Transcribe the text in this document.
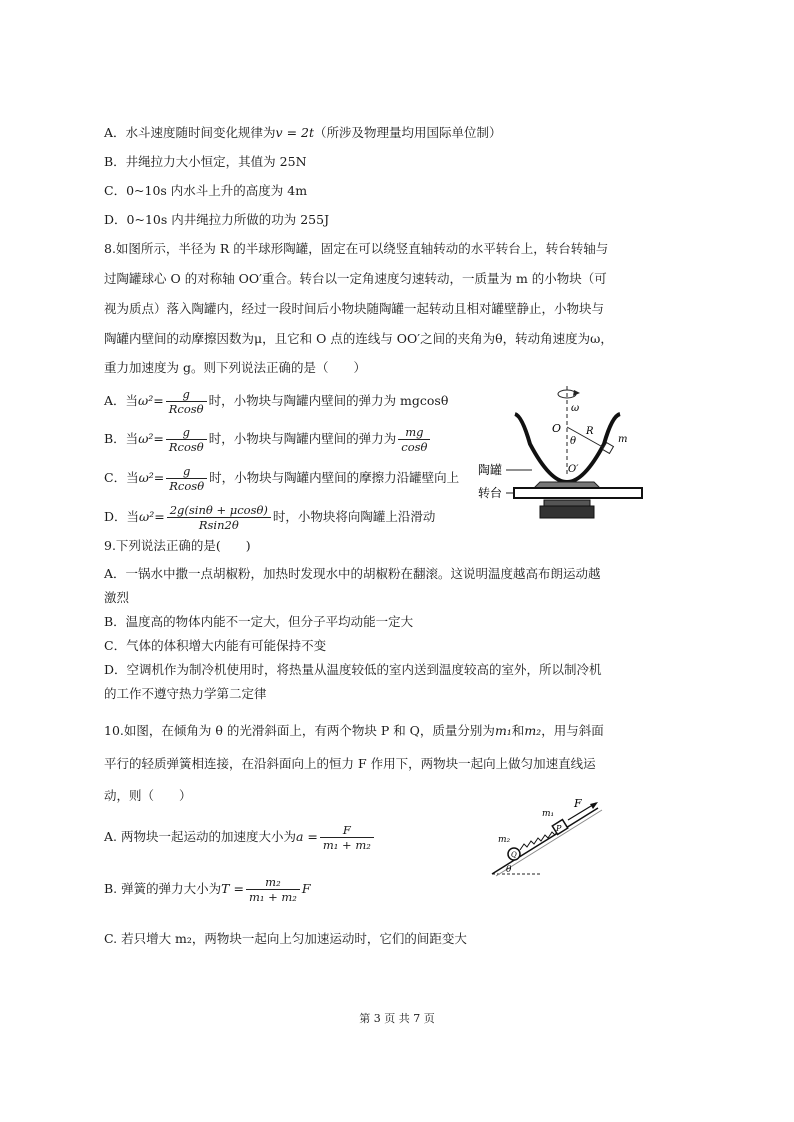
A．水斗速度随时间变化规律为v = 2t（所涉及物理量均用国际单位制）
B．井绳拉力大小恒定，其值为 25N
C．0~10s 内水斗上升的高度为 4m
D．0~10s 内井绳拉力所做的功为 255J
8.如图所示，半径为 R 的半球形陶罐，固定在可以绕竖直轴转动的水平转台上，转台转轴与
过陶罐球心 O 的对称轴 OO′重合。转台以一定角速度匀速转动，一质量为 m 的小物块（可
视为质点）落入陶罐内，经过一段时间后小物块随陶罐一起转动且相对罐壁静止，小物块与
陶罐内壁间的动摩擦因数为μ，且它和 O 点的连线与 OO′之间的夹角为θ，转动角速度为ω，
重力加速度为 g。则下列说法正确的是（　　）
A．当$\omega^2= \frac{g}{Rcos\theta}$ 时，小物块与陶罐内壁间的弹力为 mgcosθ
B．当$\omega^2= \frac{g}{Rcos\theta}$ 时，小物块与陶罐内壁间的弹力为 $\frac{mg}{\cos\theta}$
C．当$\omega^2= \frac{g}{Rcos\theta}$ 时，小物块与陶罐内壁间的摩擦力沿罐壁向上
D．当$\omega^2= \frac{2g(\sin\theta + \mu\cos\theta)}{Rsin2\theta}$ 时，小物块将向陶罐上沿滑动
ω
O
θ
R
m
O′
陶罐
转台
9.下列说法正确的是(　　)
A．一锅水中撒一点胡椒粉，加热时发现水中的胡椒粉在翻滚。这说明温度越高布朗运动越
激烈
B．温度高的物体内能不一定大，但分子平均动能一定大
C．气体的体积增大内能有可能保持不变
D．空调机作为制冷机使用时，将热量从温度较低的室内送到温度较高的室外，所以制冷机
的工作不遵守热力学第二定律
10.如图，在倾角为 θ 的光滑斜面上，有两个物块 P 和 Q，质量分别为m₁和m₂，用与斜面
平行的轻质弹簧相连接，在沿斜面向上的恒力 F 作用下，两物块一起向上做匀加速直线运
动，则（　　）
A. 两物块一起运动的加速度大小为$a = \frac{F}{\text{m₁ + m₂}}$
B. 弹簧的弹力大小为$T = \frac{\text{m₂}}{\text{m₁ + m₂}}$ F
C. 若只增大 m₂，两物块一起向上匀加速运动时，它们的间距变大
Q
P
F
m₁
m₂
θ
第 3 页 共 7 页
